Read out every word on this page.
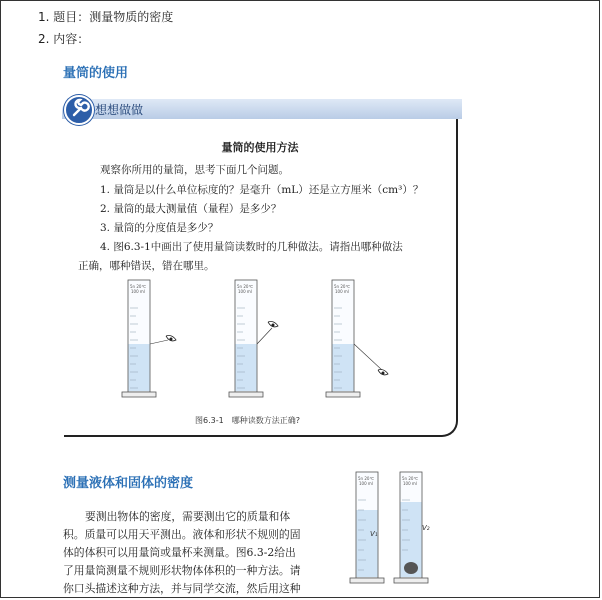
1. 题目：测量物质的密度
2. 内容：
量筒的使用
想想做做
量筒的使用方法
观察你所用的量筒，思考下面几个问题。
1. 量筒是以什么单位标度的？是毫升（mL）还是立方厘米（cm³）？
2. 量筒的最大测量值（量程）是多少？
3. 量筒的分度值是多少？
4. 图6.3-1中画出了使用量筒读数时的几种做法。请指出哪种做法
正确，哪种错误，错在哪里。
5n 20℃
100 ml
5n 20℃
100 ml
5n 20℃
100 ml
图6.3-1 哪种读数方法正确?
测量液体和固体的密度
要测出物体的密度，需要测出它的质量和体
积。质量可以用天平测出。液体和形状不规则的固
体的体积可以用量筒或量杯来测量。图6.3-2给出
了用量筒测量不规则形状物体体积的一种方法。请
你口头描述这种方法，并与同学交流，然后用这种
5n 20℃
100 ml
V₁
5n 20℃
100 ml
V₂
